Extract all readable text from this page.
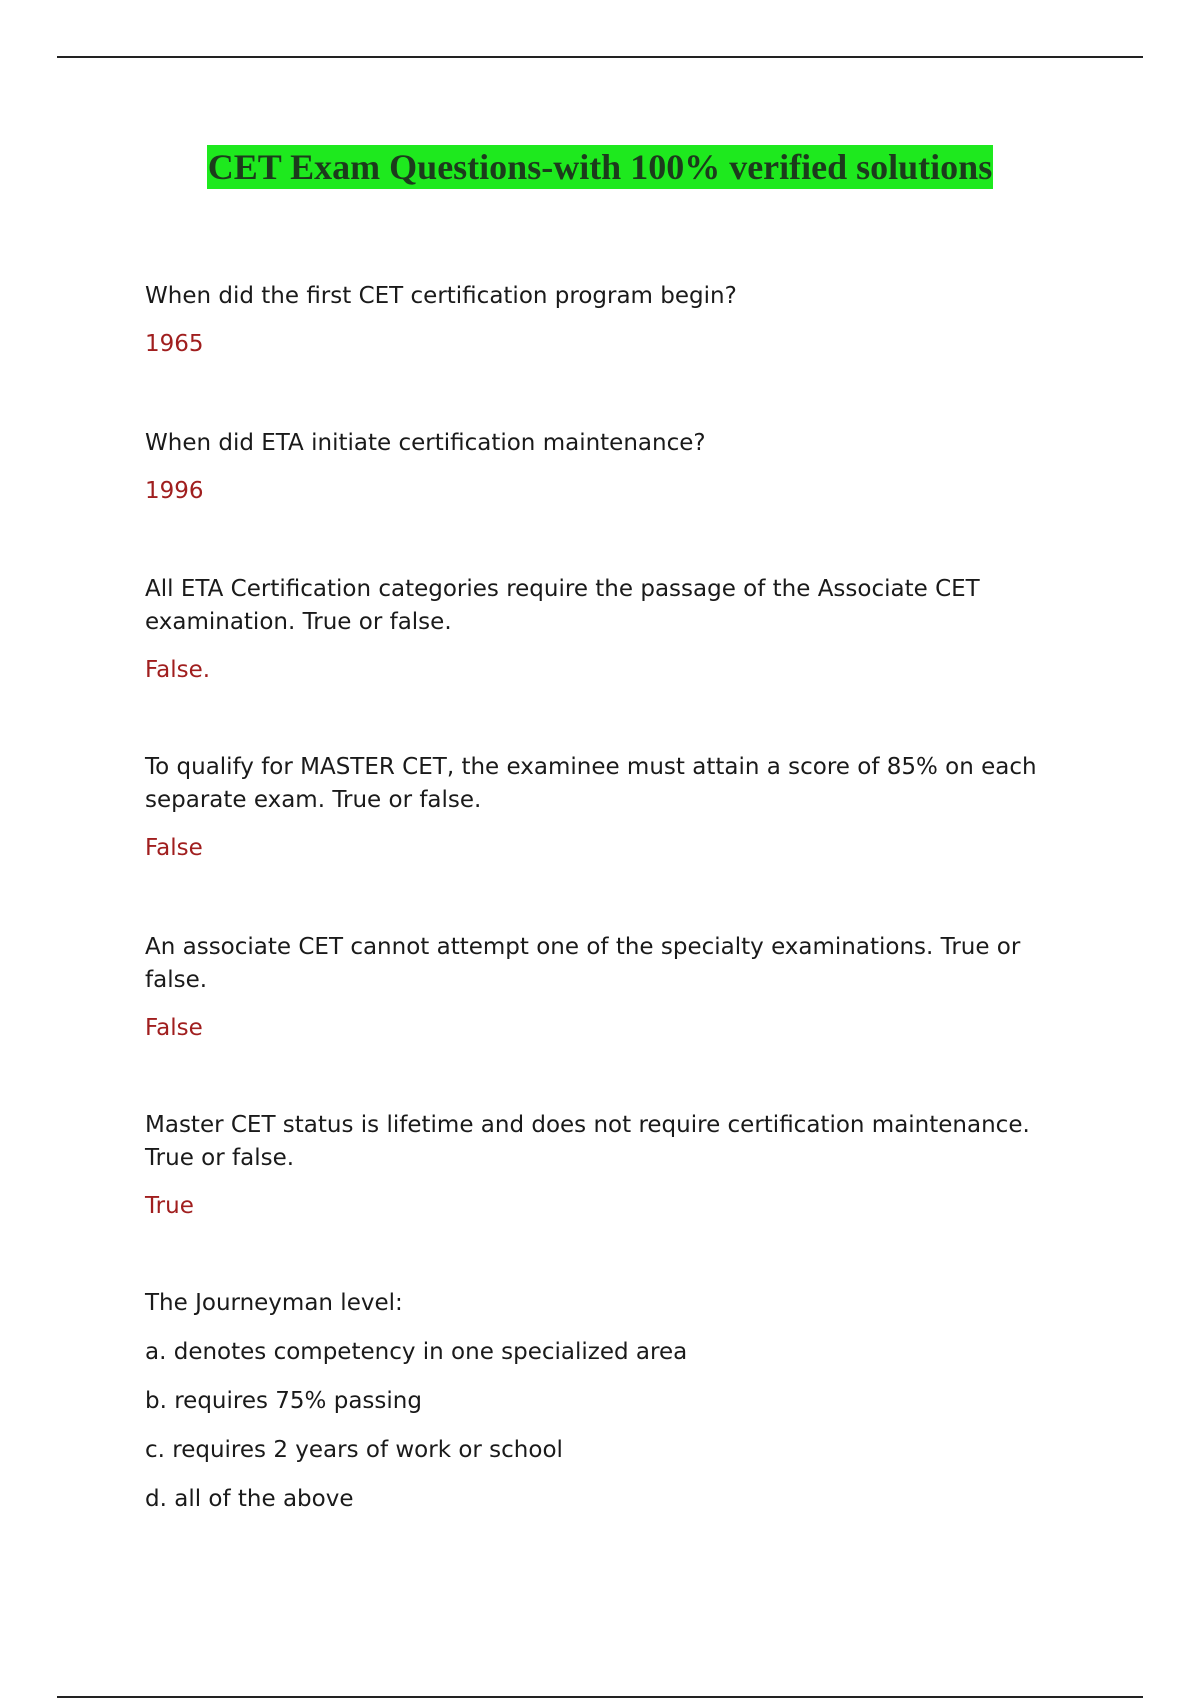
CET Exam Questions-with 100% verified solutions

When did the first CET certification program begin?

1965

When did ETA initiate certification maintenance?

1996

All ETA Certification categories require the passage of the Associate CET examination. True or false.

False.

To qualify for MASTER CET, the examinee must attain a score of 85% on each separate exam. True or false.

False

An associate CET cannot attempt one of the specialty examinations. True or false.

False

Master CET status is lifetime and does not require certification maintenance. True or false.

True

The Journeyman level:

a. denotes competency in one specialized area

b. requires 75% passing

c. requires 2 years of work or school

d. all of the above
